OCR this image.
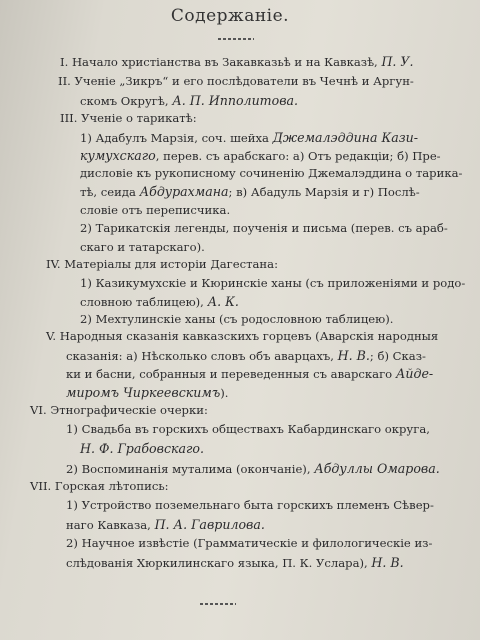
Содержаніе.
I. Начало христіанства въ Закавказьѣ и на Кавказѣ, П. У.
II. Ученіе „Зикръ“ и его послѣдователи въ Чечнѣ и Аргун-
скомъ Округѣ, А. П. Ипполитова.
III. Ученіе о тарикатѣ:
1) Адабулъ Марзія, соч. шейха Джемалэддина Кази-
кумухскаго, перев. съ арабскаго: а) Отъ редакціи; б) Пре-
дисловіе къ рукописному сочиненію Джемалэддина о тарика-
тѣ, сеида Абдурахмана; в) Абадуль Марзія и г) Послѣ-
словіе отъ переписчика.
2) Тарикатскія легенды, поученія и письма (перев. съ араб-
скаго и татарскаго).
IV. Матеріалы для исторіи Дагестана:
1) Казикумухскіе и Кюринскіе ханы (съ приложеніями и родо-
словною таблицею), А. К.
2) Мехтулинскіе ханы (съ родословною таблицею).
V. Народныя сказанія кавказскихъ горцевъ (Аварскія народныя
сказанія: а) Нѣсколько словъ объ аварцахъ, Н. В.; б) Сказ-
ки и басни, собранныя и переведенныя съ аварскаго Айде-
миромъ Чиркеевскимъ).
VI. Этнографическіе очерки:
1) Свадьба въ горскихъ обществахъ Кабардинскаго округа,
Н. Ф. Грабовскаго.
2) Воспоминанія муталима (окончаніе), Абдуллы Омарова.
VII. Горская лѣтопись:
1) Устройство поземельнаго быта горскихъ племенъ Сѣвер-
наго Кавказа, П. А. Гаврилова.
2) Научное извѣстіе (Грамматическіе и филологическіе из-
слѣдованія Хюркилинскаго языка, П. К. Услара), Н. В.
